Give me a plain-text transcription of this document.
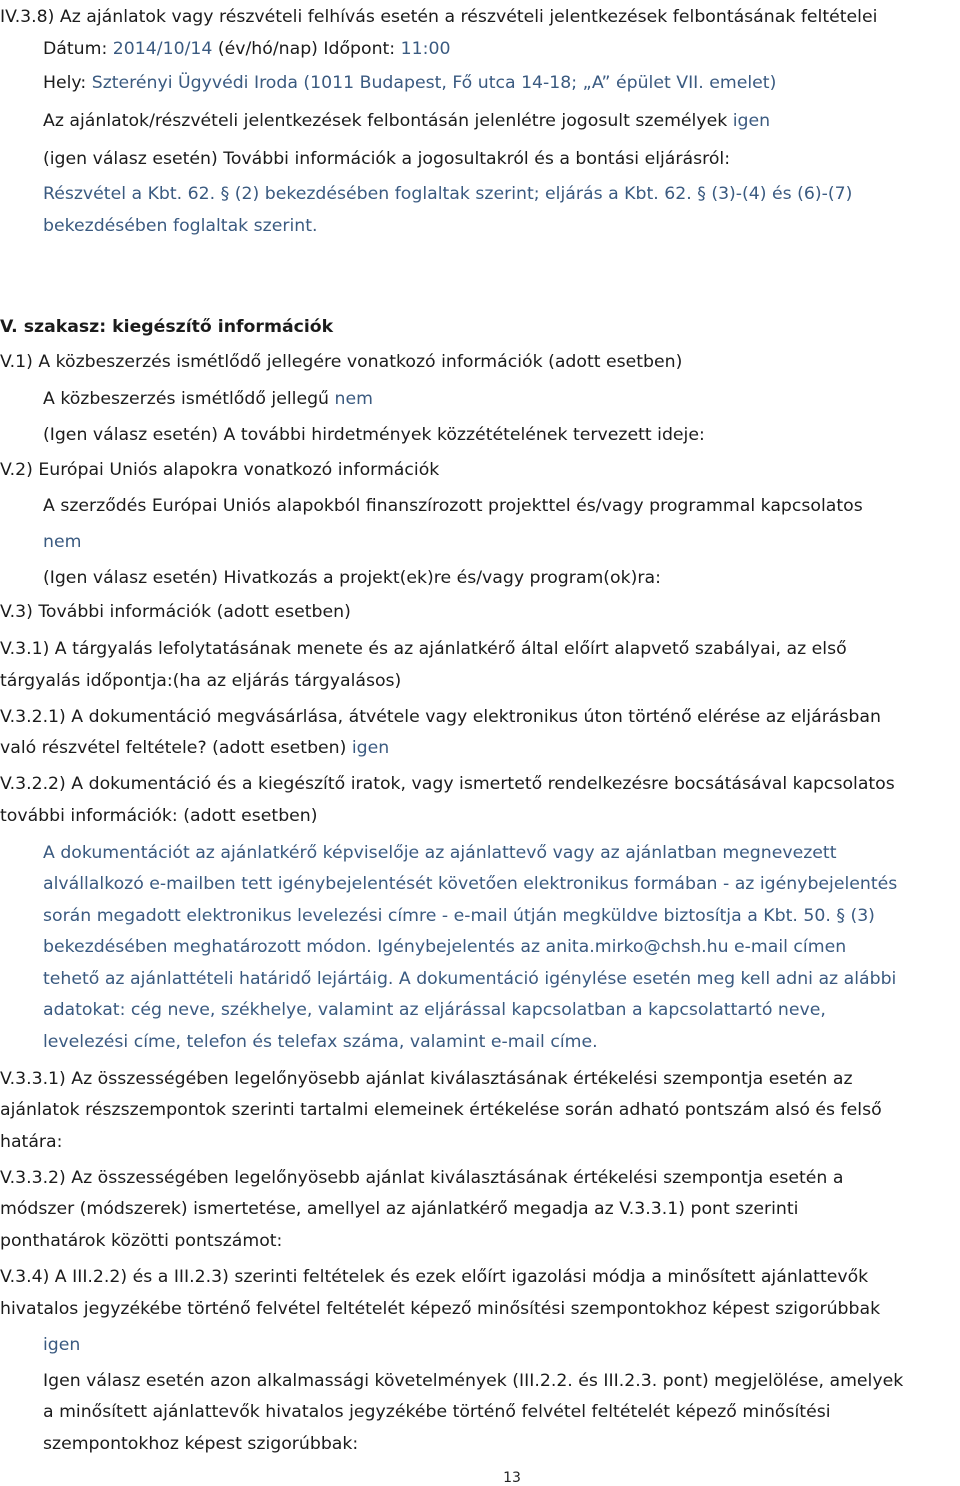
IV.3.8) Az ajánlatok vagy részvételi felhívás esetén a részvételi jelentkezések felbontásának feltételei
Dátum: 2014/10/14 (év/hó/nap) Időpont: 11:00
Hely: Szterényi Ügyvédi Iroda (1011 Budapest, Fő utca 14-18; „A” épület VII. emelet)
Az ajánlatok/részvételi jelentkezések felbontásán jelenlétre jogosult személyek igen
(igen válasz esetén) További információk a jogosultakról és a bontási eljárásról:
Részvétel a Kbt. 62. § (2) bekezdésében foglaltak szerint; eljárás a Kbt. 62. § (3)-(4) és (6)-(7)
bekezdésében foglaltak szerint.
V. szakasz: kiegészítő információk
V.1) A közbeszerzés ismétlődő jellegére vonatkozó információk (adott esetben)
A közbeszerzés ismétlődő jellegű nem
(Igen válasz esetén) A további hirdetmények közzétételének tervezett ideje:
V.2) Európai Uniós alapokra vonatkozó információk
A szerződés Európai Uniós alapokból finanszírozott projekttel és/vagy programmal kapcsolatos
nem
(Igen válasz esetén) Hivatkozás a projekt(ek)re és/vagy program(ok)ra:
V.3) További információk (adott esetben)
V.3.1) A tárgyalás lefolytatásának menete és az ajánlatkérő által előírt alapvető szabályai, az első
tárgyalás időpontja:(ha az eljárás tárgyalásos)
V.3.2.1) A dokumentáció megvásárlása, átvétele vagy elektronikus úton történő elérése az eljárásban
való részvétel feltétele? (adott esetben) igen
V.3.2.2) A dokumentáció és a kiegészítő iratok, vagy ismertető rendelkezésre bocsátásával kapcsolatos
további információk: (adott esetben)
A dokumentációt az ajánlatkérő képviselője az ajánlattevő vagy az ajánlatban megnevezett
alvállalkozó e-mailben tett igénybejelentését követően elektronikus formában - az igénybejelentés
során megadott elektronikus levelezési címre - e-mail útján megküldve biztosítja a Kbt. 50. § (3)
bekezdésében meghatározott módon. Igénybejelentés az anita.mirko@chsh.hu e-mail címen
tehető az ajánlattételi határidő lejártáig. A dokumentáció igénylése esetén meg kell adni az alábbi
adatokat: cég neve, székhelye, valamint az eljárással kapcsolatban a kapcsolattartó neve,
levelezési címe, telefon és telefax száma, valamint e-mail címe.
V.3.3.1) Az összességében legelőnyösebb ajánlat kiválasztásának értékelési szempontja esetén az
ajánlatok részszempontok szerinti tartalmi elemeinek értékelése során adható pontszám alsó és felső
határa:
V.3.3.2) Az összességében legelőnyösebb ajánlat kiválasztásának értékelési szempontja esetén a
módszer (módszerek) ismertetése, amellyel az ajánlatkérő megadja az V.3.3.1) pont szerinti
ponthatárok közötti pontszámot:
V.3.4) A III.2.2) és a III.2.3) szerinti feltételek és ezek előírt igazolási módja a minősített ajánlattevők
hivatalos jegyzékébe történő felvétel feltételét képező minősítési szempontokhoz képest szigorúbbak
igen
Igen válasz esetén azon alkalmassági követelmények (III.2.2. és III.2.3. pont) megjelölése, amelyek
a minősített ajánlattevők hivatalos jegyzékébe történő felvétel feltételét képező minősítési
szempontokhoz képest szigorúbbak:
13
